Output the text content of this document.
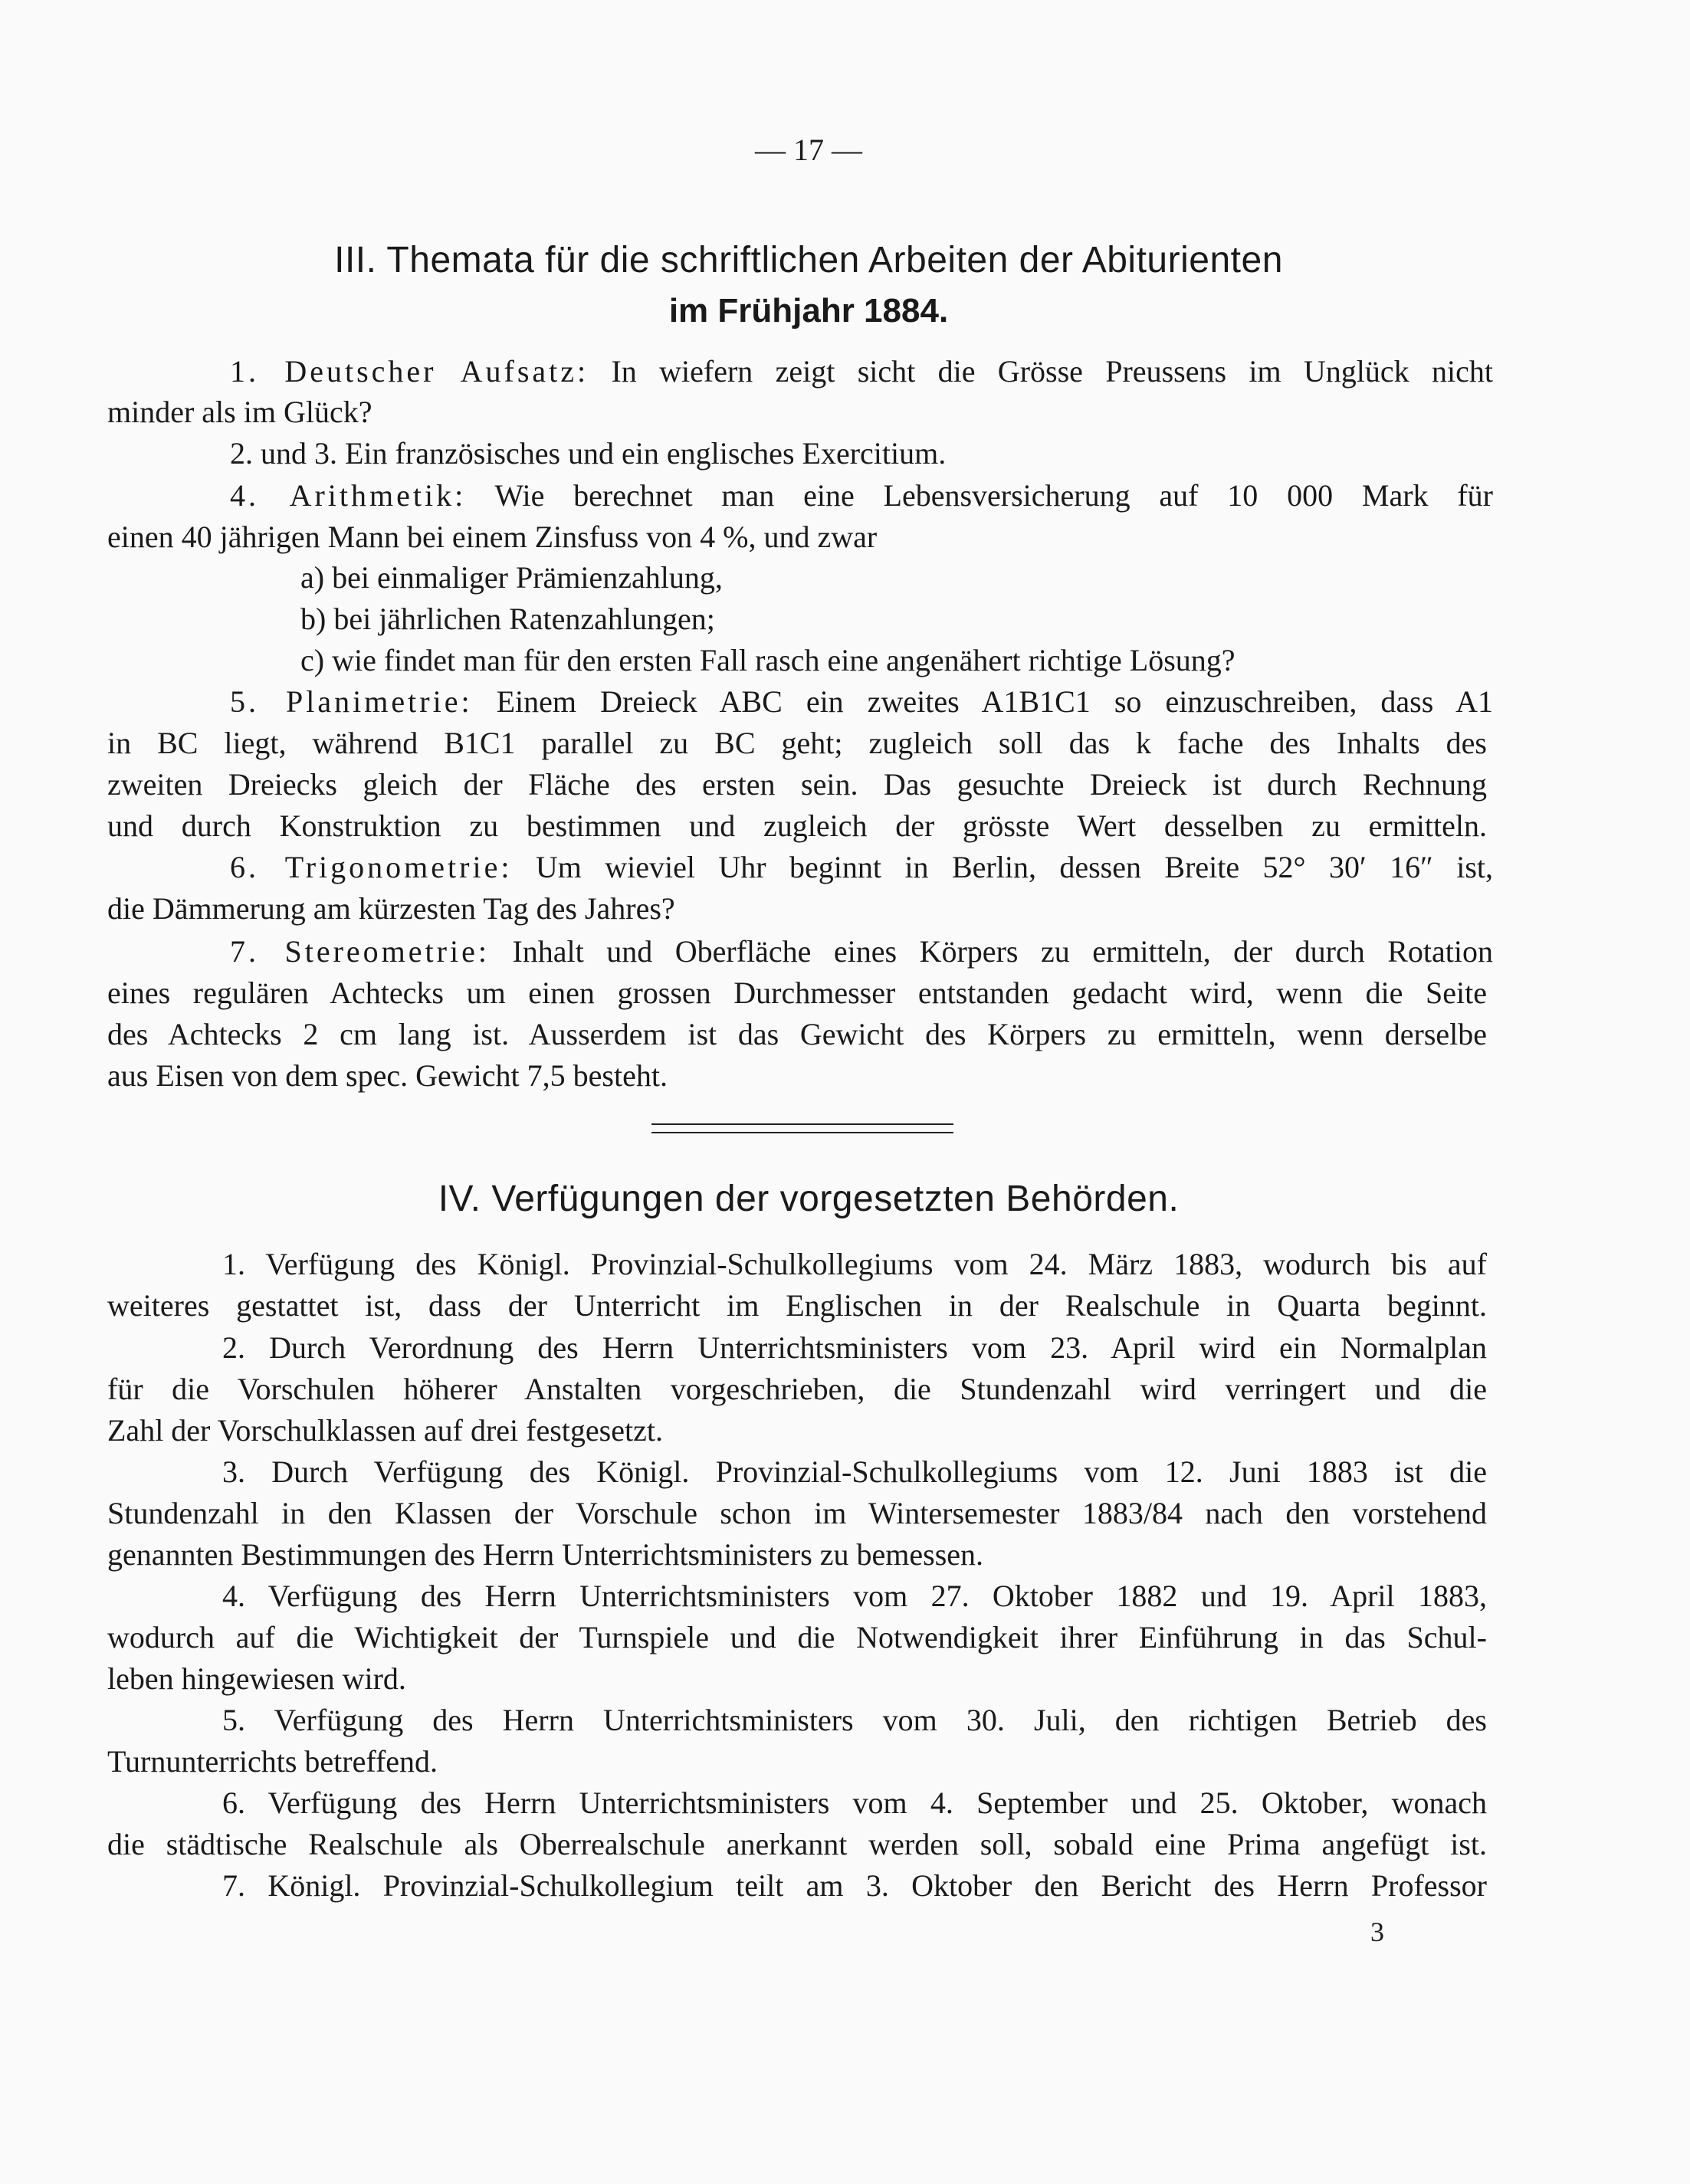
— 17 —
III. Themata für die schriftlichen Arbeiten der Abiturienten
im Frühjahr 1884.
1. Deutscher Aufsatz: In wiefern zeigt sicht die Grösse Preussens im Unglück nicht
minder als im Glück?
2. und 3. Ein französisches und ein englisches Exercitium.
4. Arithmetik: Wie berechnet man eine Lebensversicherung auf 10 000 Mark für
einen 40 jährigen Mann bei einem Zinsfuss von 4 %, und zwar
a) bei einmaliger Prämienzahlung,
b) bei jährlichen Ratenzahlungen;
c) wie findet man für den ersten Fall rasch eine angenähert richtige Lösung?
5. Planimetrie: Einem Dreieck ABC ein zweites A1B1C1 so einzuschreiben, dass A1
in BC liegt, während B1C1 parallel zu BC geht; zugleich soll das k fache des Inhalts des
zweiten Dreiecks gleich der Fläche des ersten sein. Das gesuchte Dreieck ist durch Rechnung
und durch Konstruktion zu bestimmen und zugleich der grösste Wert desselben zu ermitteln.
6. Trigonometrie: Um wieviel Uhr beginnt in Berlin, dessen Breite 52° 30′ 16″ ist,
die Dämmerung am kürzesten Tag des Jahres?
7. Stereometrie: Inhalt und Oberfläche eines Körpers zu ermitteln, der durch Rotation
eines regulären Achtecks um einen grossen Durchmesser entstanden gedacht wird, wenn die Seite
des Achtecks 2 cm lang ist. Ausserdem ist das Gewicht des Körpers zu ermitteln, wenn derselbe
aus Eisen von dem spec. Gewicht 7,5 besteht.
IV. Verfügungen der vorgesetzten Behörden.
1. Verfügung des Königl. Provinzial-Schulkollegiums vom 24. März 1883, wodurch bis auf
weiteres gestattet ist, dass der Unterricht im Englischen in der Realschule in Quarta beginnt.
2. Durch Verordnung des Herrn Unterrichtsministers vom 23. April wird ein Normalplan
für die Vorschulen höherer Anstalten vorgeschrieben, die Stundenzahl wird verringert und die
Zahl der Vorschulklassen auf drei festgesetzt.
3. Durch Verfügung des Königl. Provinzial-Schulkollegiums vom 12. Juni 1883 ist die
Stundenzahl in den Klassen der Vorschule schon im Wintersemester 1883/84 nach den vorstehend
genannten Bestimmungen des Herrn Unterrichtsministers zu bemessen.
4. Verfügung des Herrn Unterrichtsministers vom 27. Oktober 1882 und 19. April 1883,
wodurch auf die Wichtigkeit der Turnspiele und die Notwendigkeit ihrer Einführung in das Schul-
leben hingewiesen wird.
5. Verfügung des Herrn Unterrichtsministers vom 30. Juli, den richtigen Betrieb des
Turnunterrichts betreffend.
6. Verfügung des Herrn Unterrichtsministers vom 4. September und 25. Oktober, wonach
die städtische Realschule als Oberrealschule anerkannt werden soll, sobald eine Prima angefügt ist.
7. Königl. Provinzial-Schulkollegium teilt am 3. Oktober den Bericht des Herrn Professor
3
